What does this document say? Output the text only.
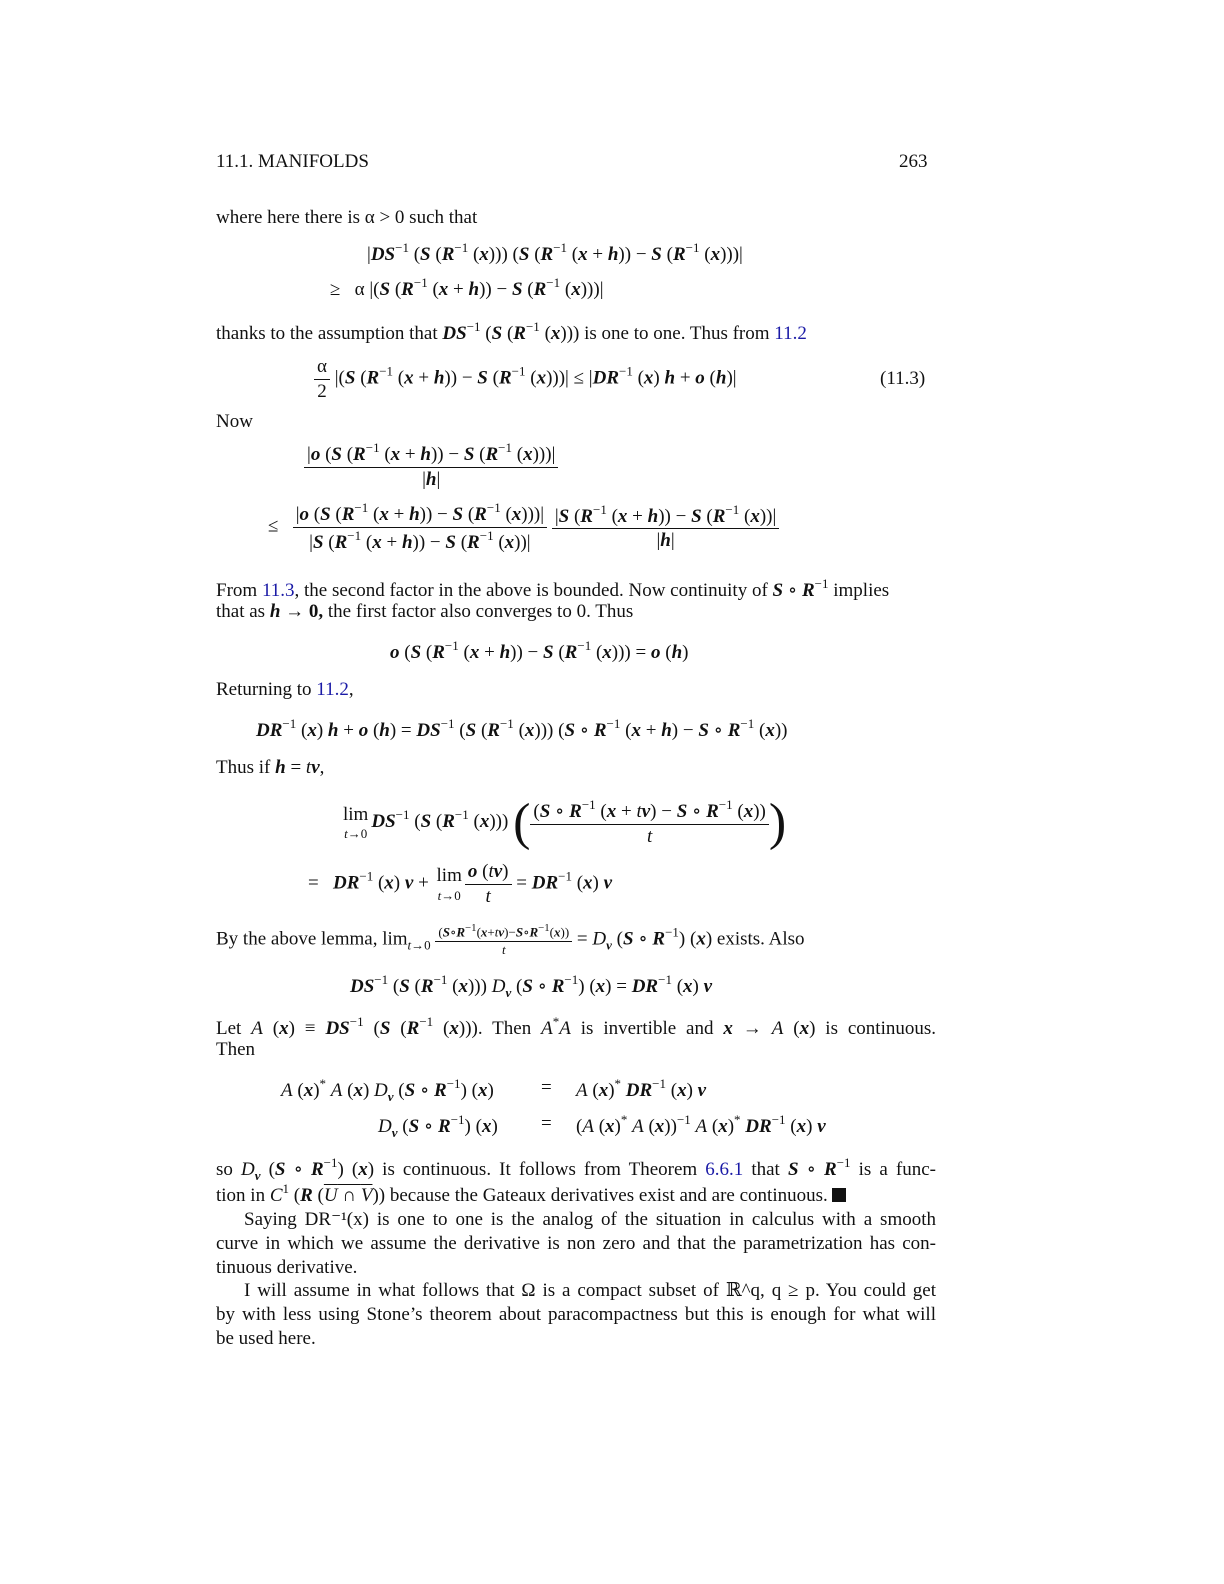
11.1. MANIFOLDS	263
where here there is α > 0 such that
$|DS^{-1}$ (S ($R^{-1}$ (x))) (S ($R^{-1}$ (x + h)) − S ($R^{-1}$ (x)))|
≥   α |(S ($R^{-1}$ (x + h)) − S ($R^{-1}$ (x)))|
thanks to the assumption that $DS^{-1}$ (S ($R^{-1}$ (x))) is one to one. Thus from 11.2
$\frac{\alpha}{2} |(S$ ($R^{-1}$ (x + h)) − S ($R^{-1}$ $(x)))| \le |DR^{-1}$ (x) h + o (h)|	(11.3)
Now
$\frac{|o (S (R^{-1} (x + h)) - S (R^{-1} (x)))|}{|h|}$
≤ $\frac{|o (S (R^{-1} (x + h)) - S (R^{-1} (x)))|}{|S (R^{-1} (x + h)) - S (R^{-1} (x))|}$
$\frac{|S (R^{-1} (x + h)) - S (R^{-1} (x))|}{|h|}$
From 11.3, the second factor in the above is bounded. Now continuity of S ∘ $R^{-1}$ implies
that as h → 0, the first factor also converges to 0. Thus
o (S ($R^{-1}$ (x + h)) − S ($R^{-1}$ (x))) = o (h)
Returning to 11.2,
$DR^{-1}$ (x) h + o $(h) = DS^{-1}$ (S ($R^{-1}$ (x))) (S ∘ $R^{-1}$ (x + h) − S ∘ $R^{-1}$ (x))
Thus if h = tv,
lim
t→0
$DS^{-1}$ (S ($R^{-1}$ (x))) ( $\frac{(S \circ R^{-1} (x + tv) - S \circ R^{-1} (x))}{t}$ )
=   $DR^{-1}$ (x) v + lim
$t\to 0 \frac{o (tv)}{t} = DR^{-1}$ (x) v
By the above lemma, $\lim_{t\to 0} \frac{(S\circ R^{-1}(x+tv)-S\circ R^{-1}(x))}{t} = D_v$ (S ∘ $R^{-1}$) (x) exists. Also
$DS^{-1}$ (S ($R^{-1}$ (x))) $D_v$ (S ∘ $R^{-1}$) $(x) = DR^{-1}$ (x) v
Let A $(x) \equiv DS^{-1}$ (S ($R^{-1}$ (x))). Then A*A is invertible and x → A (x) is continuous.
Then
A (x)* A (x) $D_v$ (S ∘ $R^{-1}$) (x) = A (x)* $DR^{-1}$ (x) v
$D_v$ (S ∘ $R^{-1}$) (x) = (A (x)* A (x))$^{-1}$ A (x)* $DR^{-1}$ (x) v
so $D_v$ (S ∘ $R^{-1}$) (x) is continuous. It follows from Theorem 6.6.1 that S ∘ $R^{-1}$ is a func-
tion in $C^1$ (R (U ∩ V)) because the Gateaux derivatives exist and are continuous.
Saying DR⁻¹(x) is one to one is the analog of the situation in calculus with a smooth
curve in which we assume the derivative is non zero and that the parametrization has con-
tinuous derivative.
I will assume in what follows that Ω is a compact subset of ℝ^q, q ≥ p. You could get
by with less using Stone’s theorem about paracompactness but this is enough for what will
be used here.
